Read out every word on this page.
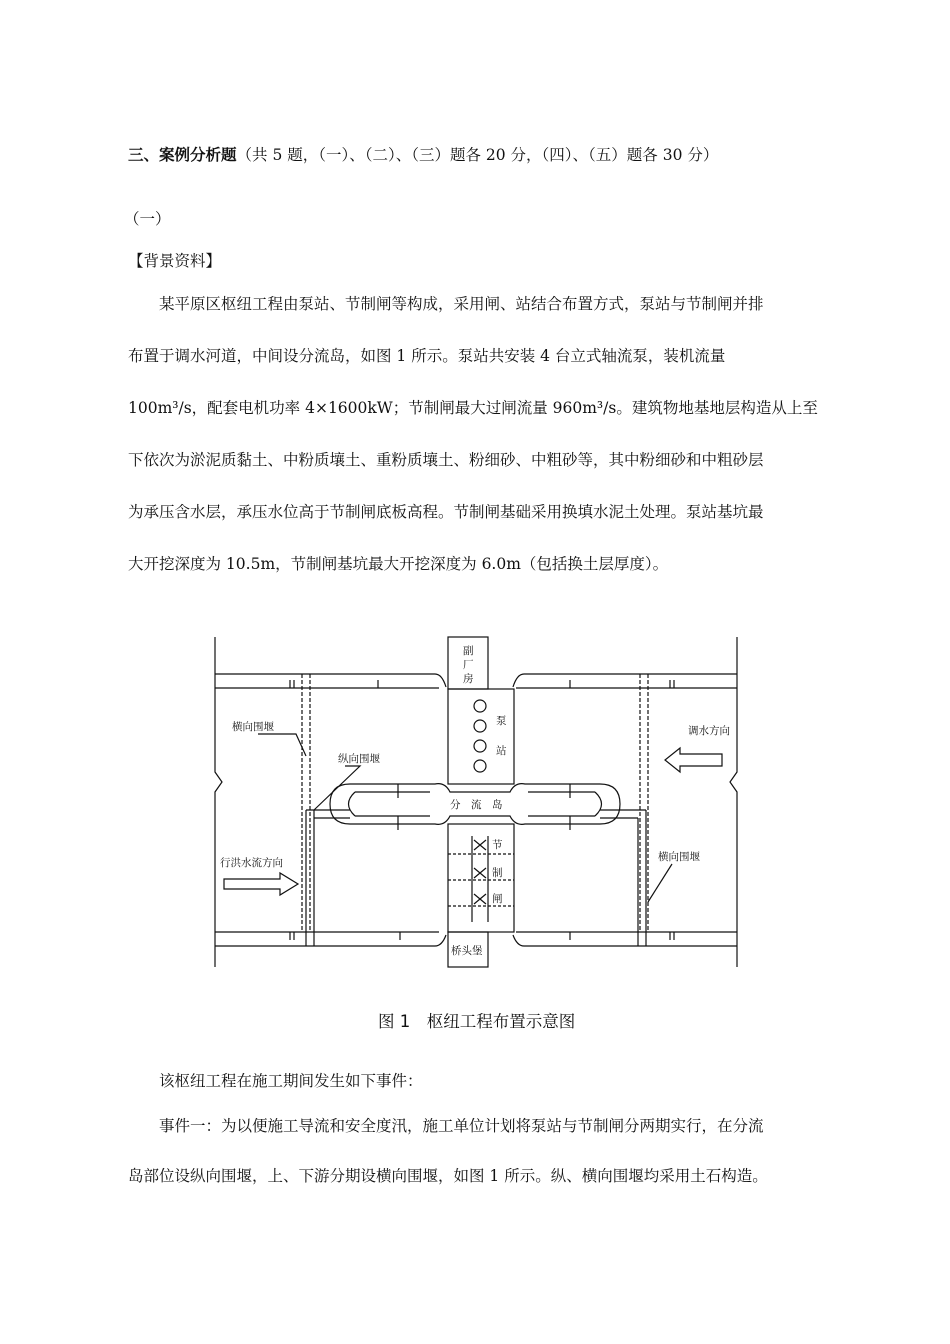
三、案例分析题（共 5 题，（一）、（二）、（三）题各 20 分，（四）、（五）题各 30 分）
（一）
【背景资料】
某平原区枢纽工程由泵站、节制闸等构成，采用闸、站结合布置方式，泵站与节制闸并排
布置于调水河道，中间设分流岛，如图 1 所示。泵站共安装 4 台立式轴流泵，装机流量
100m³/s，配套电机功率 4×1600kW；节制闸最大过闸流量 960m³/s。建筑物地基地层构造从上至
下依次为淤泥质黏土、中粉质壤土、重粉质壤土、粉细砂、中粗砂等，其中粉细砂和中粗砂层
为承压含水层，承压水位高于节制闸底板高程。节制闸基础采用换填水泥土处理。泵站基坑最
大开挖深度为 10.5m，节制闸基坑最大开挖深度为 6.0m（包括换土层厚度）。
副
厂
房
泵
站
分　流　岛
节
制
闸
桥头堡
横向围堰
纵向围堰
横向围堰
调水方向
行洪水流方向
图 1　枢纽工程布置示意图
该枢纽工程在施工期间发生如下事件：
事件一：为以便施工导流和安全度汛，施工单位计划将泵站与节制闸分两期实行，在分流
岛部位设纵向围堰，上、下游分期设横向围堰，如图 1 所示。纵、横向围堰均采用土石构造。
